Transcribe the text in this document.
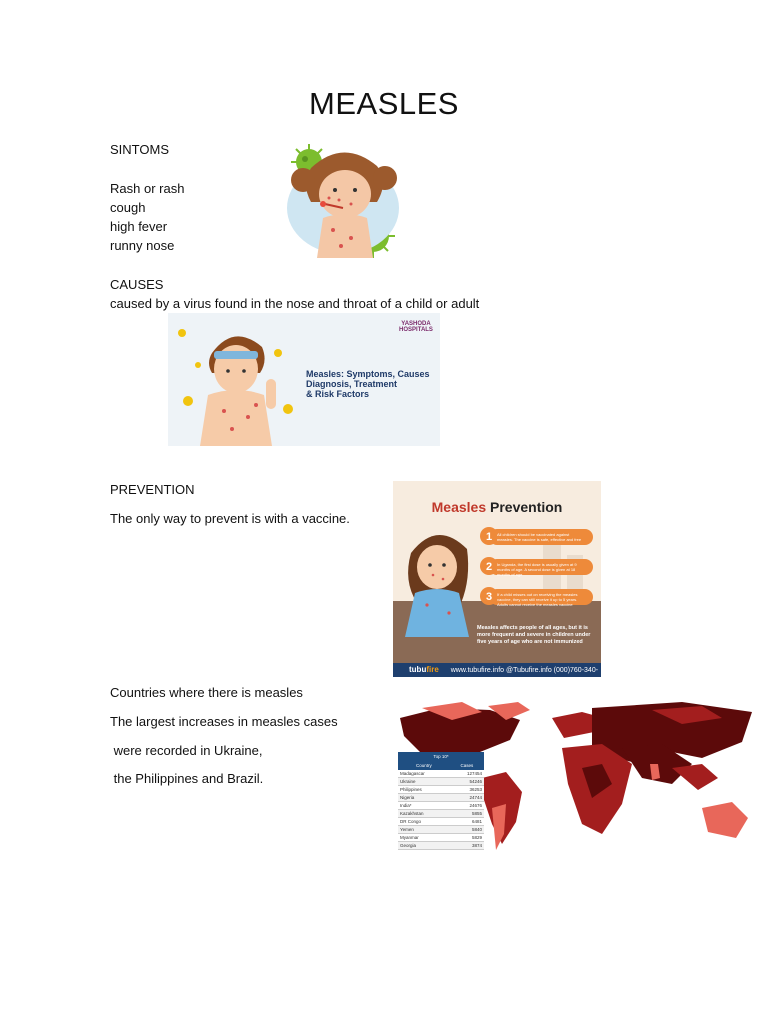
MEASLES
SINTOMS
Rash or rash
cough
high fever
runny nose
CAUSES
caused by a virus found in the nose and throat of a child or adult
YASHODA HOSPITALS
Measles: Symptoms, Causes
Diagnosis, Treatment
& Risk Factors
PREVENTION
The only way to prevent is with a vaccine.
1
2
3
Measles Prevention
All children should be vaccinated against measles. The vaccine is safe, effective and free
In Uganda, the first dose is usually given at 9 months of age. A second dose is given at 18 months of age
If a child misses out on receiving the measles vaccine, they can still receive it up to 5 years. Adults cannot receive the measles vaccine
Measles affects people of all ages, but it is more frequent and severe in children under five years of age who are not immunized
tubufire www.tubufire.info @Tubufire.info (000)760-340-003
Countries where there is measles
The largest increases in measles cases
were recorded in Ukraine,
the Philippines and Brazil.
Top 10*	
Country	Cases
Madagascar	127454
Ukraine	54246
Philippines	36253
Nigeria	24744
India*	24676
Kazakhstan	5855
DR Congo	6481
Yemen	5840
Myanmar	5829
Georgia	3874
